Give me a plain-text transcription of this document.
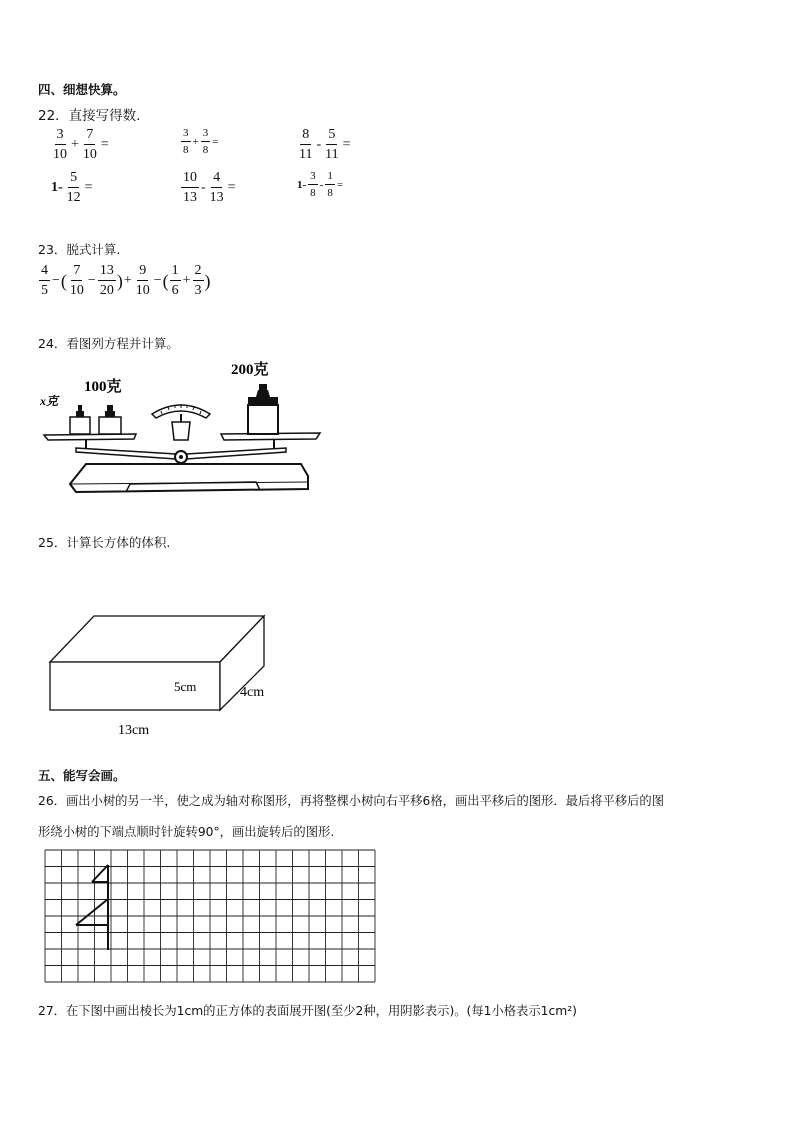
四、细想快算。
22．直接写得数.
$\frac{3}{10} + \frac{7}{10}$ =	$\frac{3}{8} + \frac{3}{8}$ =	$\frac{8}{11} - \frac{5}{11}$ =
$1- \frac{5}{12}$ =	$\frac{10}{13} - \frac{4}{13}$ =	$1- \frac{3}{8} - \frac{1}{8}$ =
23．脱式计算.
$\frac{4}{5}$ − ( $\frac{7}{10} - \frac{13}{20}$ ) + $\frac{9}{10}$ − ( $\frac{1}{6} + \frac{2}{3}$ )
24．看图列方程并计算。
x克
100克
200克
25．计算长方体的体积.
5cm	4cm
13cm
五、能写会画。
26．画出小树的另一半，使之成为轴对称图形，再将整棵小树向右平移6格，画出平移后的图形．最后将平移后的图
形绕小树的下端点顺时针旋转90°，画出旋转后的图形.
27．在下图中画出棱长为1cm的正方体的表面展开图(至少2种，用阴影表示)。(每1小格表示1cm²)
